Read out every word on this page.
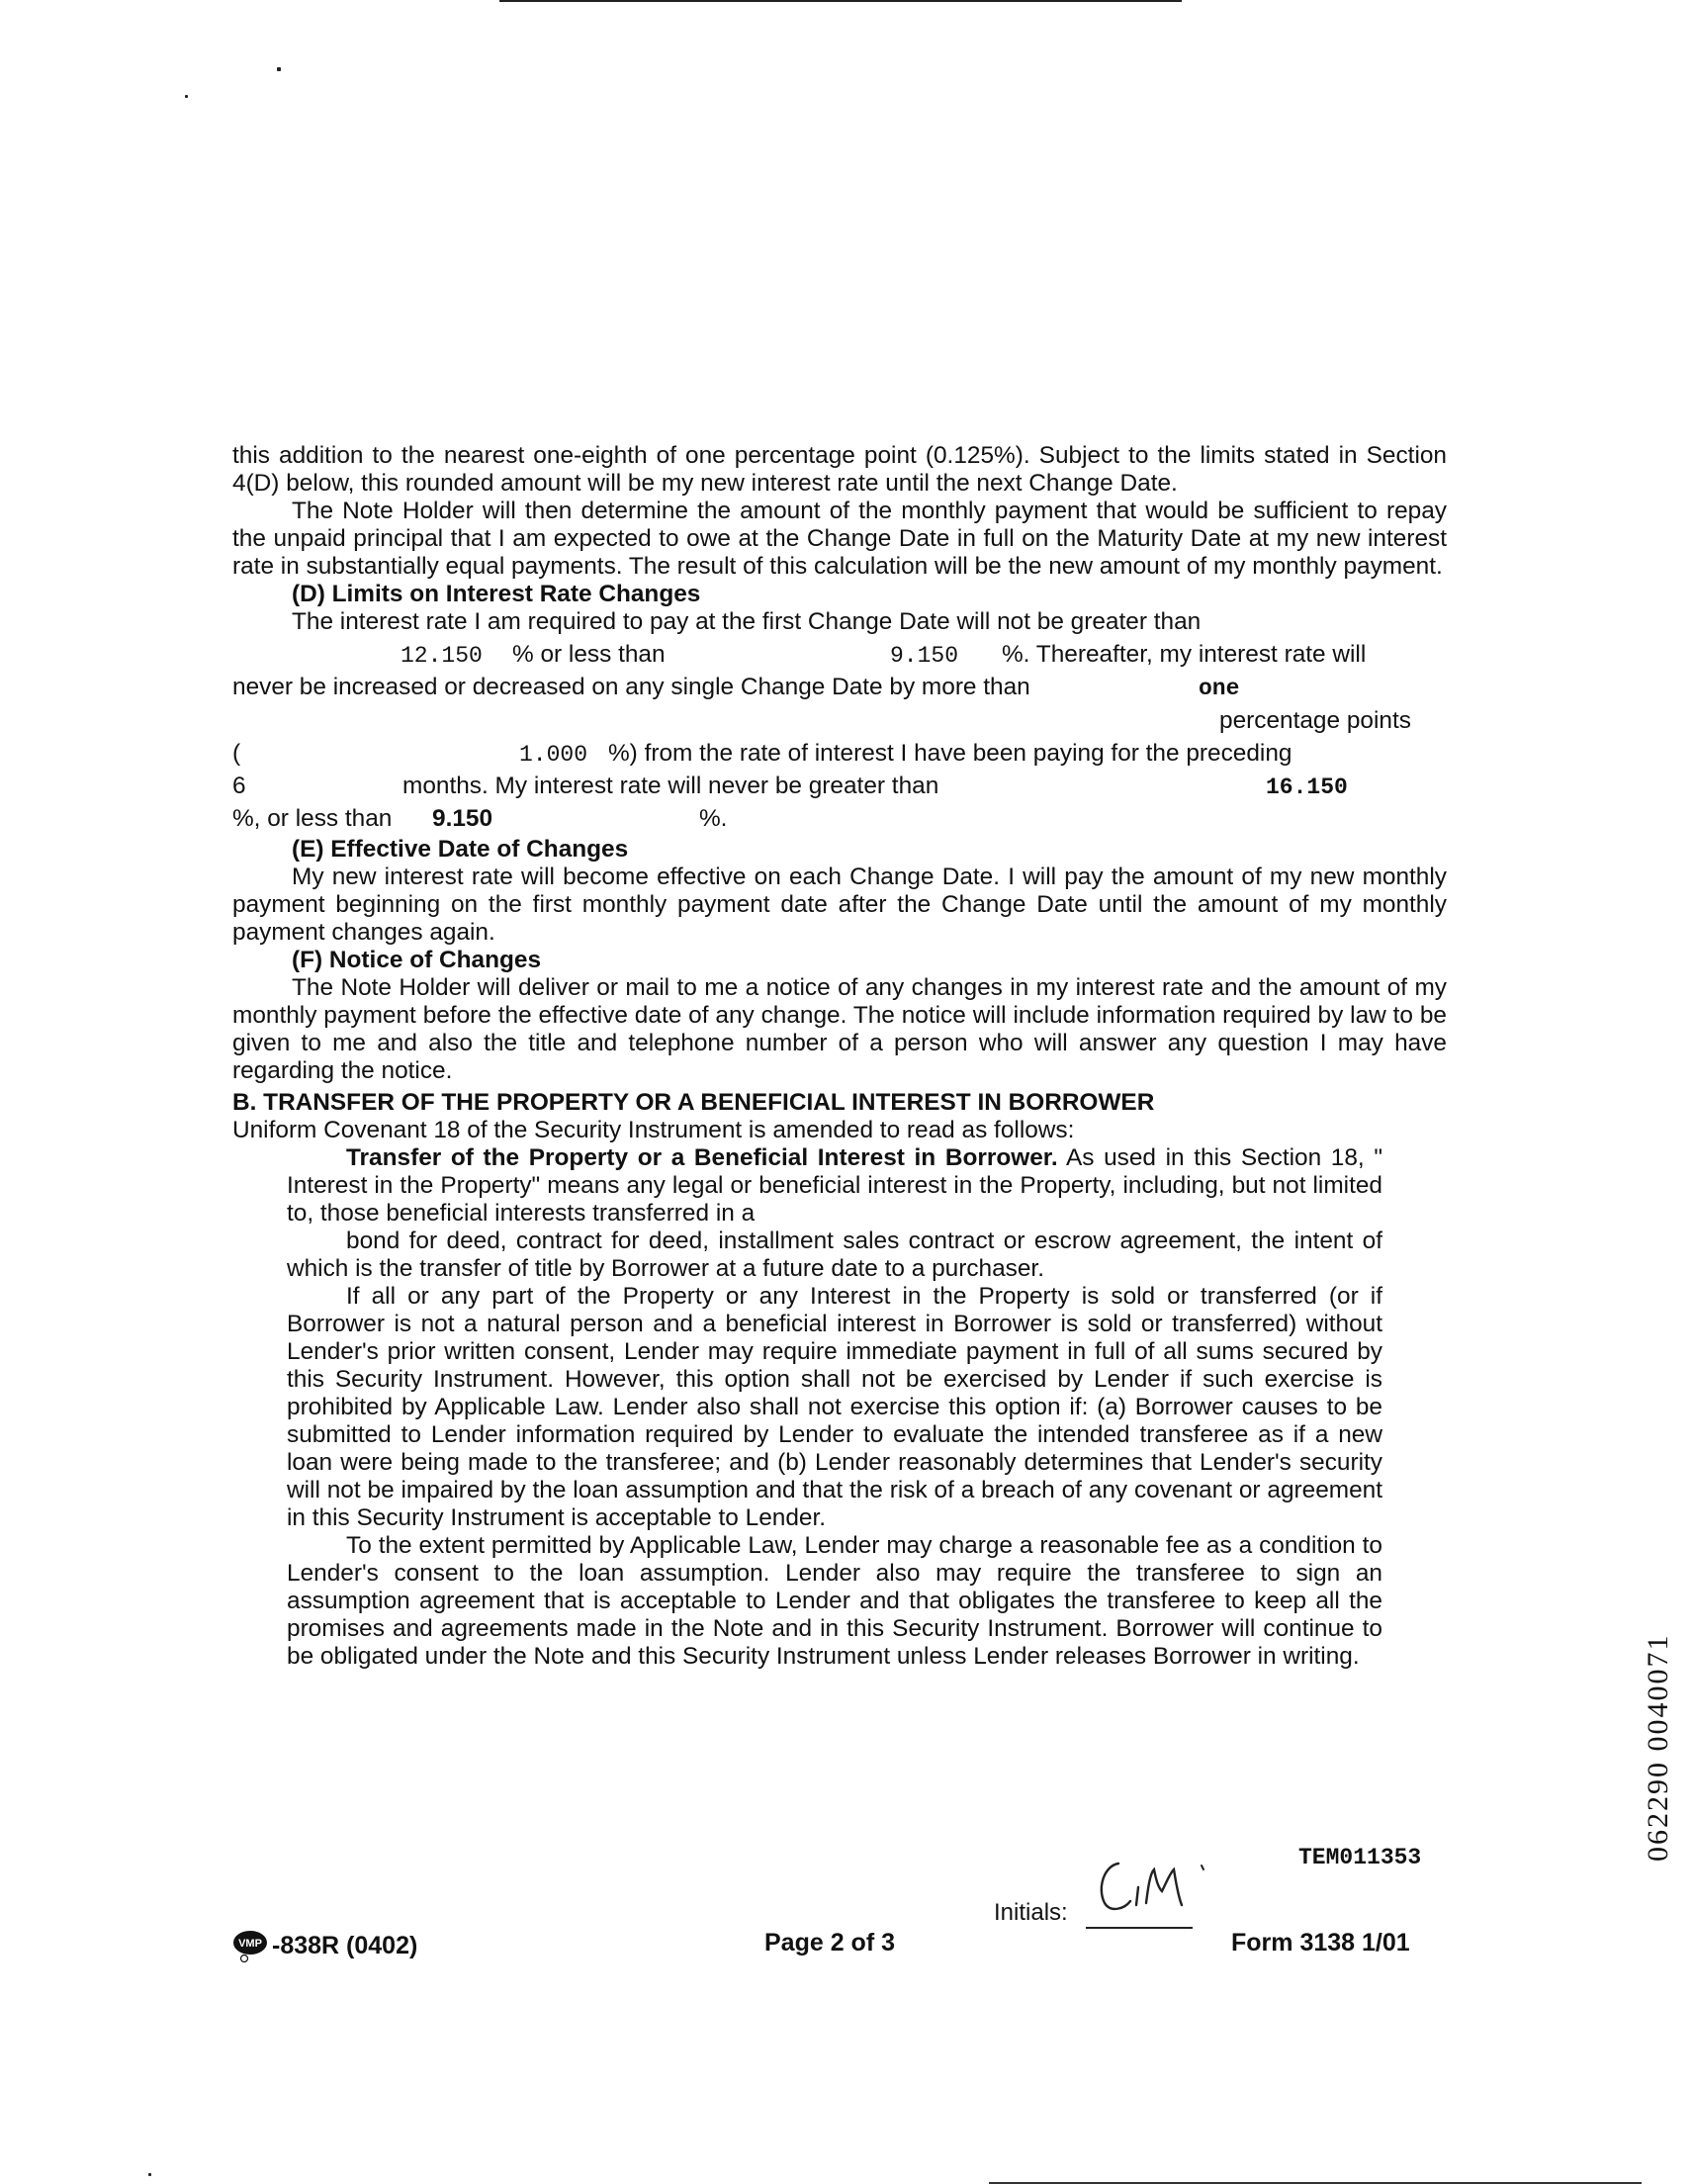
this addition to the nearest one-eighth of one percentage point (0.125%). Subject to the limits stated in Section 4(D) below, this rounded amount will be my new interest rate until the next Change Date.

The Note Holder will then determine the amount of the monthly payment that would be sufficient to repay the unpaid principal that I am expected to owe at the Change Date in full on the Maturity Date at my new interest rate in substantially equal payments. The result of this calculation will be the new amount of my monthly payment.

(D) Limits on Interest Rate Changes

The interest rate I am required to pay at the first Change Date will not be greater than
12.150 % or less than	9.150 %. Thereafter, my interest rate will
never be increased or decreased on any single Change Date by more than	one
percentage points
(	1.000 %) from the rate of interest I have been paying for the preceding
6	months. My interest rate will never be greater than	16.150
%, or less than 9.150	%.

(E) Effective Date of Changes

My new interest rate will become effective on each Change Date. I will pay the amount of my new monthly payment beginning on the first monthly payment date after the Change Date until the amount of my monthly payment changes again.

(F) Notice of Changes

The Note Holder will deliver or mail to me a notice of any changes in my interest rate and the amount of my monthly payment before the effective date of any change. The notice will include information required by law to be given to me and also the title and telephone number of a person who will answer any question I may have regarding the notice.

B. TRANSFER OF THE PROPERTY OR A BENEFICIAL INTEREST IN BORROWER

Uniform Covenant 18 of the Security Instrument is amended to read as follows:

Transfer of the Property or a Beneficial Interest in Borrower. As used in this Section 18, " Interest in the Property" means any legal or beneficial interest in the Property, including, but not limited to, those beneficial interests transferred in a

bond for deed, contract for deed, installment sales contract or escrow agreement, the intent of which is the transfer of title by Borrower at a future date to a purchaser.

If all or any part of the Property or any Interest in the Property is sold or transferred (or if Borrower is not a natural person and a beneficial interest in Borrower is sold or transferred) without Lender's prior written consent, Lender may require immediate payment in full of all sums secured by this Security Instrument. However, this option shall not be exercised by Lender if such exercise is prohibited by Applicable Law. Lender also shall not exercise this option if: (a) Borrower causes to be submitted to Lender information required by Lender to evaluate the intended transferee as if a new loan were being made to the transferee; and (b) Lender reasonably determines that Lender's security will not be impaired by the loan assumption and that the risk of a breach of any covenant or agreement in this Security Instrument is acceptable to Lender.

To the extent permitted by Applicable Law, Lender may charge a reasonable fee as a condition to Lender's consent to the loan assumption. Lender also may require the transferee to sign an assumption agreement that is acceptable to Lender and that obligates the transferee to keep all the promises and agreements made in the Note and in this Security Instrument. Borrower will continue to be obligated under the Note and this Security Instrument unless Lender releases Borrower in writing.

TEM011353
Initials:
VMP -838R (0402)	Page 2 of 3	Form 3138 1/01
062290 0040071
